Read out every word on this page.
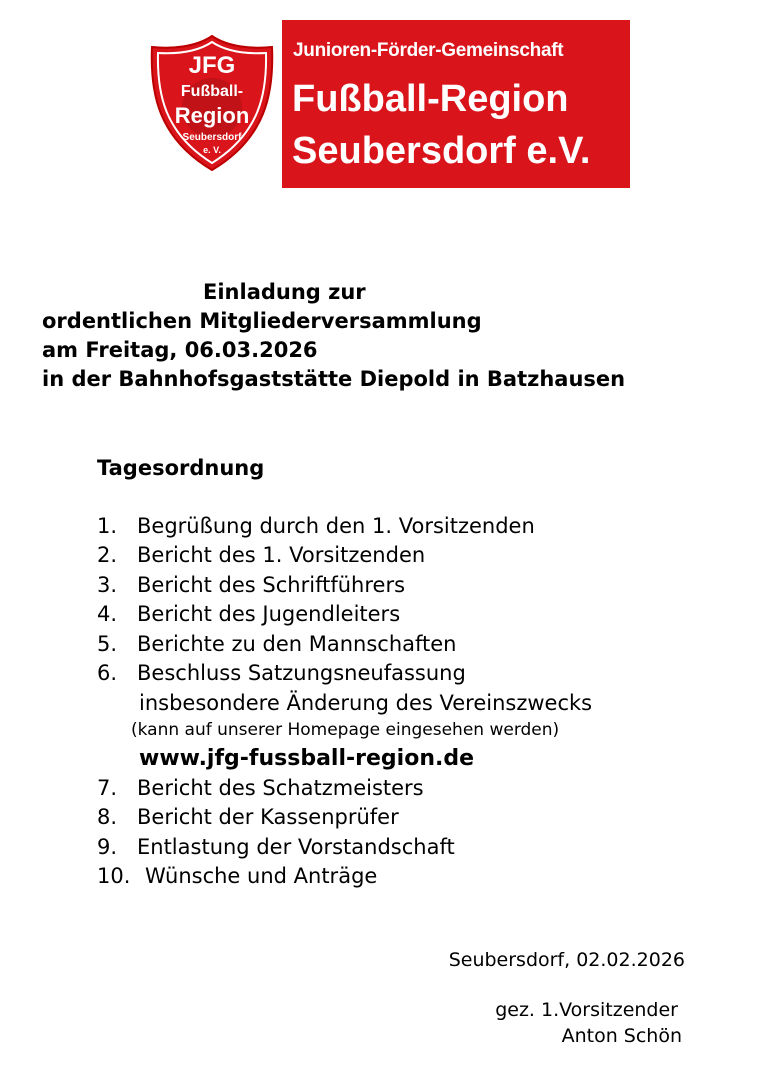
JFG
Fußball-
Region
Seubersdorf
e. V.
Junioren-Förder-Gemeinschaft
Fußball-Region
Seubersdorf e.V.
Einladung zur
ordentlichen Mitgliederversammlung
am Freitag, 06.03.2026
in der Bahnhofsgaststätte Diepold in Batzhausen
Tagesordnung
1. Begrüßung durch den 1. Vorsitzenden
2. Bericht des 1. Vorsitzenden
3. Bericht des Schriftführers
4. Bericht des Jugendleiters
5. Berichte zu den Mannschaften
6. Beschluss Satzungsneufassung
insbesondere Änderung des Vereinszwecks
(kann auf unserer Homepage eingesehen werden)
www.jfg-fussball-region.de
7. Bericht des Schatzmeisters
8. Bericht der Kassenprüfer
9. Entlastung der Vorstandschaft
10. Wünsche und Anträge
Seubersdorf, 02.02.2026
gez. 1.Vorsitzender
Anton Schön
